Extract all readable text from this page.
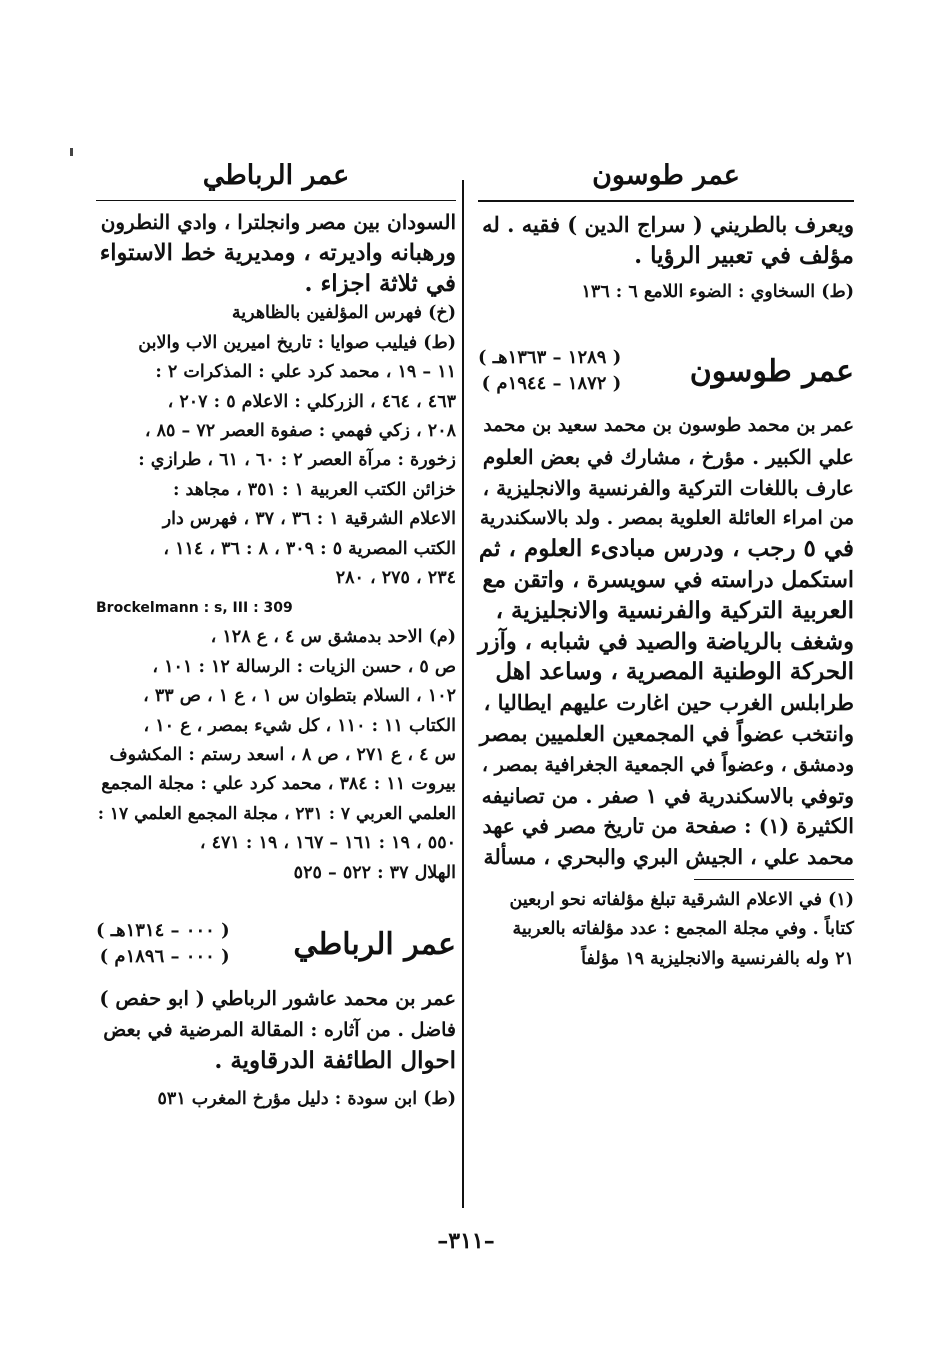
عمر طوسون

ويعرف بالطريني ( سراج الدين ) فقيه . له

مؤلف في تعبير الرؤيا .

(ط) السخاوي : الضوء اللامع ٦ : ١٣٦

عمر طوسون
( ١٢٨٩ – ١٣٦٣هـ )
( ١٨٧٢ – ١٩٤٤م )

عمر بن محمد طوسون بن محمد سعيد بن محمد

علي الكبير . مؤرخ ، مشارك في بعض العلوم

عارف باللغات التركية والفرنسية والانجليزية ،

من امراء العائلة العلوية بمصر . ولد بالاسكندرية

في ٥ رجب ، ودرس مبادىء العلوم ، ثم

استكمل دراسته في سويسرة ، واتقن مع

العربية التركية والفرنسية والانجليزية ،

وشغف بالرياضة والصيد في شبابه ، وآزر

الحركة الوطنية المصرية ، وساعد اهل

طرابلس الغرب حين اغارت عليهم ايطاليا ،

وانتخب عضواً في المجمعين العلميين بمصر

ودمشق ، وعضواً في الجمعية الجغرافية بمصر ،

وتوفي بالاسكندرية في ١ صفر . من تصانيفه

الكثيرة (١) : صفحة من تاريخ مصر في عهد

محمد علي ، الجيش البري والبحري ، مسألة

(١) في الاعلام الشرقية تبلغ مؤلفاته نحو اربعين

كتاباً . وفي مجلة المجمع : عدد مؤلفاته بالعربية

٢١ وله بالفرنسية والانجليزية ١٩ مؤلفاً

عمر الرباطي

السودان بين مصر وانجلترا ، وادي النطرون

ورهبانه واديرته ، ومديرية خط الاستواء

في ثلاثة اجزاء .

(خ) فهرس المؤلفين بالظاهرية

(ط) فيليب صوايا : تاريخ اميرين الاب والابن

١١ – ١٩ ، محمد كرد علي : المذكرات ٢ :

٤٦٣ ، ٤٦٤ ، الزركلي : الاعلام ٥ : ٢٠٧ ،

٢٠٨ ، زكي فهمي : صفوة العصر ٧٢ – ٨٥ ،

زخورة : مرآة العصر ٢ : ٦٠ ، ٦١ ، طرازي :

خزائن الكتب العربية ١ : ٣٥١ ، مجاهد :

الاعلام الشرقية ١ : ٣٦ ، ٣٧ ، فهرس دار

الكتب المصرية ٥ : ٣٠٩ ، ٨ : ٣٦ ، ١١٤ ،

٢٣٤ ، ٢٧٥ ، ٢٨٠

Brockelmann : s, III : 309

(م) الاحد بدمشق س ٤ ، ع ١٢٨ ،

ص ٥ ، حسن الزيات : الرسالة ١٢ : ١٠١ ،

١٠٢ ، السلام بتطوان س ١ ، ع ١ ، ص ٣٣ ،

الكتاب ١١ : ١١٠ ، كل شيء بمصر ، ع ١٠ ،

س ٤ ، ع ٢٧١ ، ص ٨ ، اسعد رستم : المكشوف

بيروت ١١ : ٣٨٤ ، محمد كرد علي : مجلة المجمع

العلمي العربي ٧ : ٢٣١ ، مجلة المجمع العلمي ١٧ :

٥٥٠ ، ١٩ : ١٦١ – ١٦٧ ، ١٩ : ٤٧١ ،

الهلال ٣٧ : ٥٢٢ – ٥٢٥

عمر الرباطي
( ٠٠٠ – ١٣١٤هـ )
( ٠٠٠ – ١٨٩٦م )

عمر بن محمد عاشور الرباطي ( ابو حفص )

فاضل . من آثاره : المقالة المرضية في بعض

احوال الطائفة الدرقاوية .

(ط) ابن سودة : دليل مؤرخ المغرب ٥٣١

–٣١١–
